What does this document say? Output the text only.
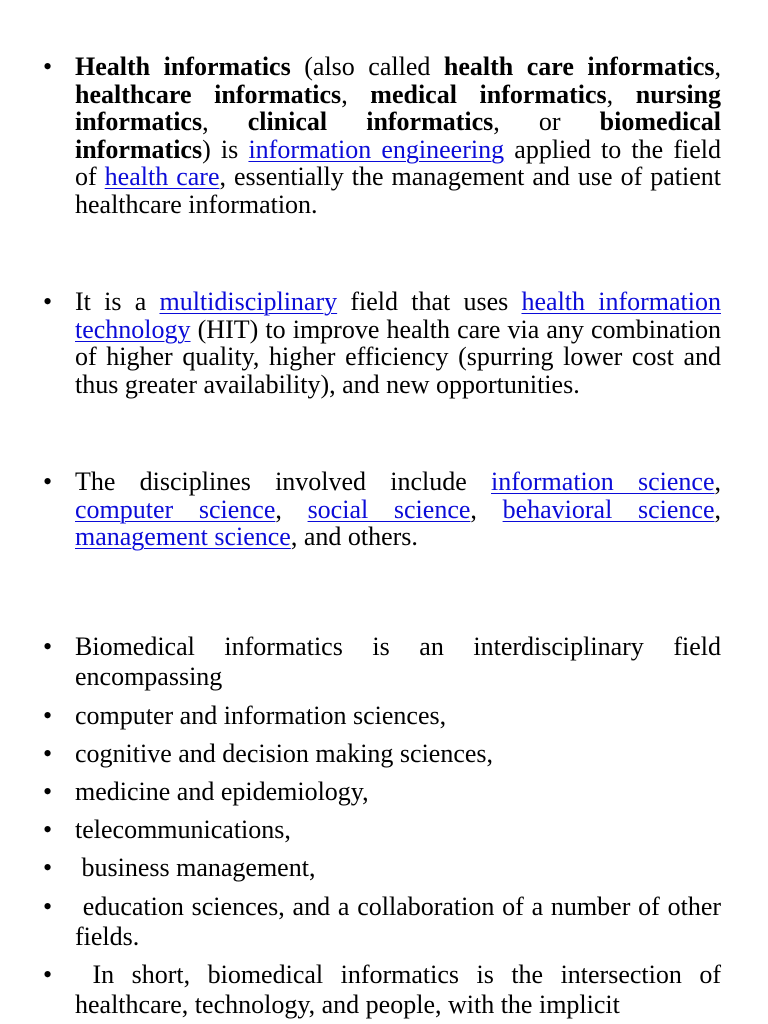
• Health informatics (also called health care informatics, healthcare informatics, medical informatics, nursing informatics, clinical informatics, or biomedical informatics) is information engineering applied to the field of health care, essentially the management and use of patient healthcare information.
• It is a multidisciplinary field that uses health information technology (HIT) to improve health care via any combination of higher quality, higher efficiency (spurring lower cost and thus greater availability), and new opportunities.
• The disciplines involved include information science, computer science, social science, behavioral science, management science, and others.
• Biomedical informatics is an interdisciplinary field encompassing
• computer and information sciences,
• cognitive and decision making sciences,
• medicine and epidemiology,
• telecommunications,
• business management,
• education sciences, and a collaboration of a number of other fields.
• In short, biomedical informatics is the intersection of healthcare, technology, and people, with the implicit
